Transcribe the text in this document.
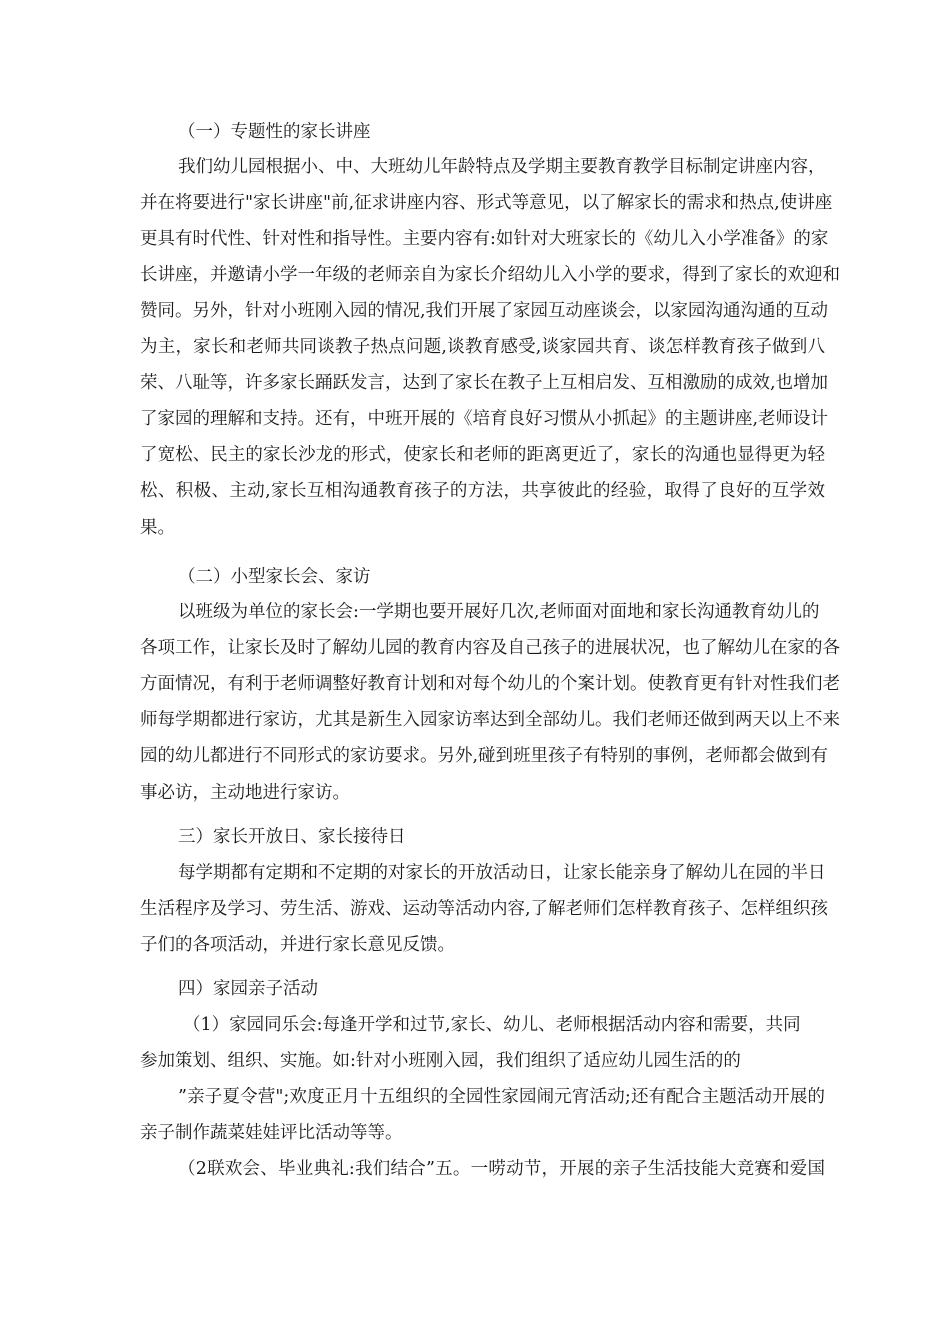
（一）专题性的家长讲座
我们幼儿园根据小、中、大班幼儿年龄特点及学期主要教育教学目标制定讲座内容，
并在将要进行"家长讲座"前,征求讲座内容、形式等意见，以了解家长的需求和热点,使讲座
更具有时代性、针对性和指导性。主要内容有:如针对大班家长的《幼儿入小学准备》的家
长讲座，并邀请小学一年级的老师亲自为家长介绍幼儿入小学的要求，得到了家长的欢迎和
赞同。另外，针对小班刚入园的情况,我们开展了家园互动座谈会，以家园沟通沟通的互动
为主，家长和老师共同谈教子热点问题,谈教育感受,谈家园共育、谈怎样教育孩子做到八
荣、八耻等，许多家长踊跃发言，达到了家长在教子上互相启发、互相激励的成效,也增加
了家园的理解和支持。还有，中班开展的《培育良好习惯从小抓起》的主题讲座,老师设计
了宽松、民主的家长沙龙的形式，使家长和老师的距离更近了，家长的沟通也显得更为轻
松、积极、主动,家长互相沟通教育孩子的方法，共享彼此的经验，取得了良好的互学效
果。
（二）小型家长会、家访
以班级为单位的家长会:一学期也要开展好几次,老师面对面地和家长沟通教育幼儿的
各项工作，让家长及时了解幼儿园的教育内容及自己孩子的进展状况，也了解幼儿在家的各
方面情况，有利于老师调整好教育计划和对每个幼儿的个案计划。使教育更有针对性我们老
师每学期都进行家访，尤其是新生入园家访率达到全部幼儿。我们老师还做到两天以上不来
园的幼儿都进行不同形式的家访要求。另外,碰到班里孩子有特别的事例，老师都会做到有
事必访，主动地进行家访。
三）家长开放日、家长接待日
每学期都有定期和不定期的对家长的开放活动日，让家长能亲身了解幼儿在园的半日
生活程序及学习、劳生活、游戏、运动等活动内容,了解老师们怎样教育孩子、怎样组织孩
子们的各项活动，并进行家长意见反馈。
四）家园亲子活动
（1）家园同乐会:每逢开学和过节,家长、幼儿、老师根据活动内容和需要，共同
参加策划、组织、实施。如:针对小班刚入园，我们组织了适应幼儿园生活的的
”亲子夏令营";欢度正月十五组织的全园性家园闹元宵活动;还有配合主题活动开展的
亲子制作蔬菜娃娃评比活动等等。
（2联欢会、毕业典礼:我们结合”五。一唠动节，开展的亲子生活技能大竞赛和爱国
